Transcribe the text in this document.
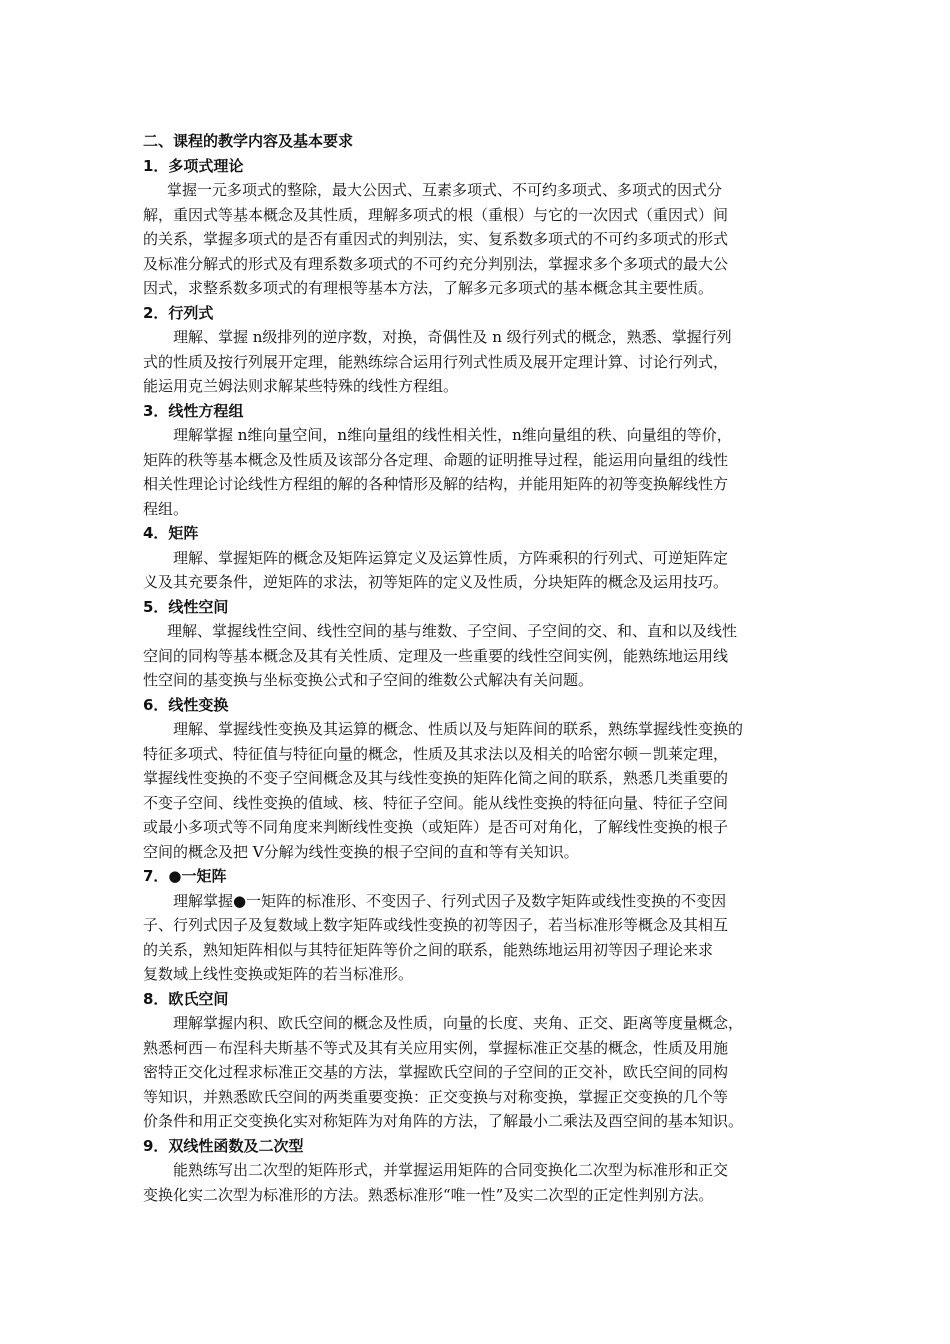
二、课程的教学内容及基本要求

1．多项式理论

掌握一元多项式的整除，最大公因式、互素多项式、不可约多项式、多项式的因式分

解，重因式等基本概念及其性质，理解多项式的根（重根）与它的一次因式（重因式）间

的关系，掌握多项式的是否有重因式的判别法，实、复系数多项式的不可约多项式的形式

及标准分解式的形式及有理系数多项式的不可约充分判别法，掌握求多个多项式的最大公

因式，求整系数多项式的有理根等基本方法，了解多元多项式的基本概念其主要性质。

2．行列式

理解、掌握 n级排列的逆序数，对换，奇偶性及 n 级行列式的概念，熟悉、掌握行列

式的性质及按行列展开定理，能熟练综合运用行列式性质及展开定理计算、讨论行列式，

能运用克兰姆法则求解某些特殊的线性方程组。

3．线性方程组

理解掌握 n维向量空间，n维向量组的线性相关性，n维向量组的秩、向量组的等价，

矩阵的秩等基本概念及性质及该部分各定理、命题的证明推导过程，能运用向量组的线性

相关性理论讨论线性方程组的解的各种情形及解的结构，并能用矩阵的初等变换解线性方

程组。

4．矩阵

理解、掌握矩阵的概念及矩阵运算定义及运算性质，方阵乘积的行列式、可逆矩阵定

义及其充要条件，逆矩阵的求法，初等矩阵的定义及性质，分块矩阵的概念及运用技巧。

5．线性空间

理解、掌握线性空间、线性空间的基与维数、子空间、子空间的交、和、直和以及线性

空间的同构等基本概念及其有关性质、定理及一些重要的线性空间实例，能熟练地运用线

性空间的基变换与坐标变换公式和子空间的维数公式解决有关问题。

6．线性变换

理解、掌握线性变换及其运算的概念、性质以及与矩阵间的联系，熟练掌握线性变换的

特征多项式、特征值与特征向量的概念，性质及其求法以及相关的哈密尔顿－凯莱定理，

掌握线性变换的不变子空间概念及其与线性变换的矩阵化简之间的联系，熟悉几类重要的

不变子空间、线性变换的值域、核、特征子空间。能从线性变换的特征向量、特征子空间

或最小多项式等不同角度来判断线性变换（或矩阵）是否可对角化，了解线性变换的根子

空间的概念及把 V分解为线性变换的根子空间的直和等有关知识。

7．●一矩阵

理解掌握●一矩阵的标准形、不变因子、行列式因子及数字矩阵或线性变换的不变因

子、行列式因子及复数域上数字矩阵或线性变换的初等因子，若当标准形等概念及其相互

的关系，熟知矩阵相似与其特征矩阵等价之间的联系，能熟练地运用初等因子理论来求

复数域上线性变换或矩阵的若当标准形。

8．欧氏空间

理解掌握内积、欧氏空间的概念及性质，向量的长度、夹角、正交、距离等度量概念，

熟悉柯西－布涅科夫斯基不等式及其有关应用实例，掌握标准正交基的概念，性质及用施

密特正交化过程求标准正交基的方法，掌握欧氏空间的子空间的正交补，欧氏空间的同构

等知识，并熟悉欧氏空间的两类重要变换：正交变换与对称变换，掌握正交变换的几个等

价条件和用正交变换化实对称矩阵为对角阵的方法，了解最小二乘法及酉空间的基本知识。

9．双线性函数及二次型

能熟练写出二次型的矩阵形式，并掌握运用矩阵的合同变换化二次型为标准形和正交

变换化实二次型为标准形的方法。熟悉标准形“唯一性”及实二次型的正定性判别方法。
